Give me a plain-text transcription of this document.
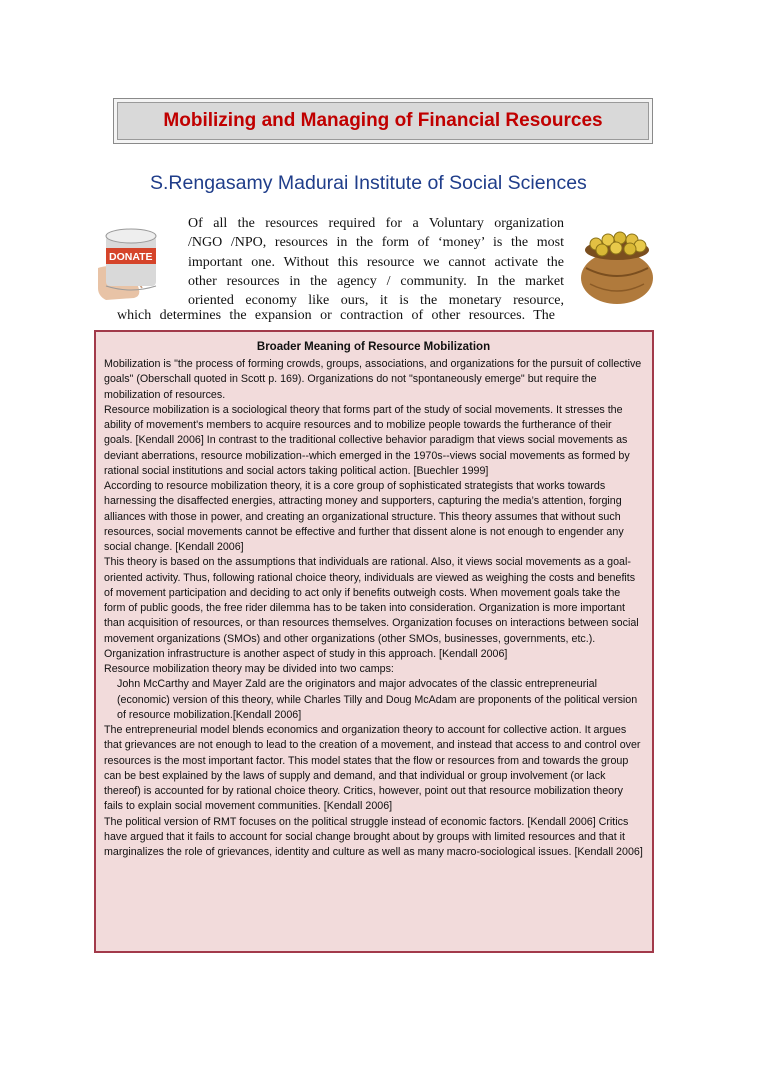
Mobilizing and Managing of Financial Resources
S.Rengasamy Madurai Institute of Social Sciences
DONATE
Of all the resources required for a Voluntary organization
/NGO /NPO, resources in the form of ‘money’ is the most
important one. Without this resource we cannot activate the
other resources in the agency / community. In the market
oriented economy like ours, it is the monetary resource,
which determines the expansion or contraction of other resources. The
Broader Meaning of Resource Mobilization

Mobilization is "the process of forming crowds, groups, associations, and organizations for the pursuit of collective goals" (Oberschall quoted in Scott p. 169). Organizations do not "spontaneously emerge" but require the mobilization of resources.

Resource mobilization is a sociological theory that forms part of the study of social movements. It stresses the ability of movement's members to acquire resources and to mobilize people towards the furtherance of their goals. [Kendall 2006] In contrast to the traditional collective behavior paradigm that views social movements as deviant aberrations, resource mobilization--which emerged in the 1970s--views social movements as formed by rational social institutions and social actors taking political action. [Buechler 1999]

According to resource mobilization theory, it is a core group of sophisticated strategists that works towards harnessing the disaffected energies, attracting money and supporters, capturing the media’s attention, forging alliances with those in power, and creating an organizational structure. This theory assumes that without such resources, social movements cannot be effective and further that dissent alone is not enough to engender any social change. [Kendall 2006]

This theory is based on the assumptions that individuals are rational. Also, it views social movements as a goal-oriented activity. Thus, following rational choice theory, individuals are viewed as weighing the costs and benefits of movement participation and deciding to act only if benefits outweigh costs. When movement goals take the form of public goods, the free rider dilemma has to be taken into consideration. Organization is more important than acquisition of resources, or than resources themselves. Organization focuses on interactions between social movement organizations (SMOs) and other organizations (other SMOs, businesses, governments, etc.). Organization infrastructure is another aspect of study in this approach. [Kendall 2006]

Resource mobilization theory may be divided into two camps:

John McCarthy and Mayer Zald are the originators and major advocates of the classic entrepreneurial (economic) version of this theory, while Charles Tilly and Doug McAdam are proponents of the political version of resource mobilization.[Kendall 2006]

The entrepreneurial model blends economics and organization theory to account for collective action. It argues that grievances are not enough to lead to the creation of a movement, and instead that access to and control over resources is the most important factor. This model states that the flow or resources from and towards the group can be best explained by the laws of supply and demand, and that individual or group involvement (or lack thereof) is accounted for by rational choice theory. Critics, however, point out that resource mobilization theory fails to explain social movement communities. [Kendall 2006]

The political version of RMT focuses on the political struggle instead of economic factors. [Kendall 2006] Critics have argued that it fails to account for social change brought about by groups with limited resources and that it marginalizes the role of grievances, identity and culture as well as many macro-sociological issues. [Kendall 2006]
